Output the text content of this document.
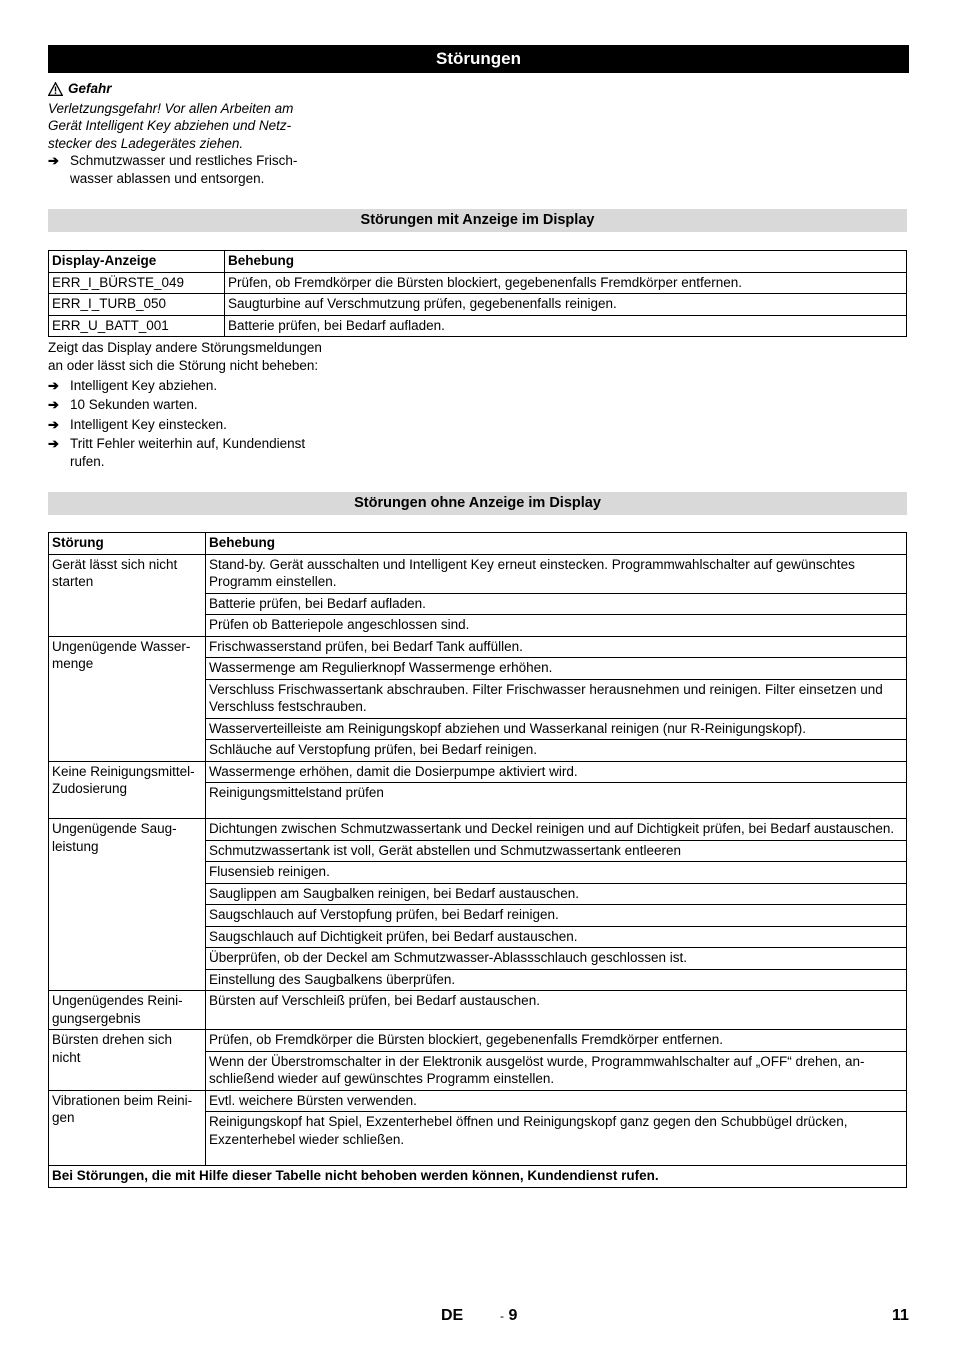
Störungen
Gefahr
Verletzungsgefahr! Vor allen Arbeiten am Gerät Intelligent Key abziehen und Netzstecker des Ladegerätes ziehen.
➔ Schmutzwasser und restliches Frischwasser ablassen und entsorgen.
Störungen mit Anzeige im Display
Display-Anzeige	Behebung
ERR_I_BÜRSTE_049	Prüfen, ob Fremdkörper die Bürsten blockiert, gegebenenfalls Fremdkörper entfernen.
ERR_I_TURB_050	Saugturbine auf Verschmutzung prüfen, gegebenenfalls reinigen.
ERR_U_BATT_001	Batterie prüfen, bei Bedarf aufladen.
Zeigt das Display andere Störungsmeldungen an oder lässt sich die Störung nicht beheben:
➔ Intelligent Key abziehen.
➔ 10 Sekunden warten.
➔ Intelligent Key einstecken.
➔ Tritt Fehler weiterhin auf, Kundendienst rufen.
Störungen ohne Anzeige im Display
Störung	Behebung
Gerät lässt sich nicht starten	Stand-by. Gerät ausschalten und Intelligent Key erneut einstecken. Programmwahlschalter auf gewünschtes Programm einstellen.
	Batterie prüfen, bei Bedarf aufladen.
	Prüfen ob Batteriepole angeschlossen sind.
Ungenügende Wassermenge	Frischwasserstand prüfen, bei Bedarf Tank auffüllen.
	Wassermenge am Regulierknopf Wassermenge erhöhen.
	Verschluss Frischwassertank abschrauben. Filter Frischwasser herausnehmen und reinigen. Filter einsetzen und Verschluss festschrauben.
	Wasserverteilleiste am Reinigungskopf abziehen und Wasserkanal reinigen (nur R-Reinigungskopf).
	Schläuche auf Verstopfung prüfen, bei Bedarf reinigen.
Keine Reinigungsmittel-Zudosierung	Wassermenge erhöhen, damit die Dosierpumpe aktiviert wird.
	Reinigungsmittelstand prüfen
Ungenügende Saugleistung	Dichtungen zwischen Schmutzwassertank und Deckel reinigen und auf Dichtigkeit prüfen, bei Bedarf austauschen.
	Schmutzwassertank ist voll, Gerät abstellen und Schmutzwassertank entleeren
	Flusensieb reinigen.
	Sauglippen am Saugbalken reinigen, bei Bedarf austauschen.
	Saugschlauch auf Verstopfung prüfen, bei Bedarf reinigen.
	Saugschlauch auf Dichtigkeit prüfen, bei Bedarf austauschen.
	Überprüfen, ob der Deckel am Schmutzwasser-Ablassschlauch geschlossen ist.
	Einstellung des Saugbalkens überprüfen.
Ungenügendes Reinigungsergebnis	Bürsten auf Verschleiß prüfen, bei Bedarf austauschen.
Bürsten drehen sich nicht	Prüfen, ob Fremdkörper die Bürsten blockiert, gegebenenfalls Fremdkörper entfernen.
	Wenn der Überstromschalter in der Elektronik ausgelöst wurde, Programmwahlschalter auf „OFF“ drehen, anschließend wieder auf gewünschtes Programm einstellen.
Vibrationen beim Reinigen	Evtl. weichere Bürsten verwenden.
	Reinigungskopf hat Spiel, Exzenterhebel öffnen und Reinigungskopf ganz gegen den Schubbügel drücken, Exzenterhebel wieder schließen.
Bei Störungen, die mit Hilfe dieser Tabelle nicht behoben werden können, Kundendienst rufen.	
DE	- 9	11
